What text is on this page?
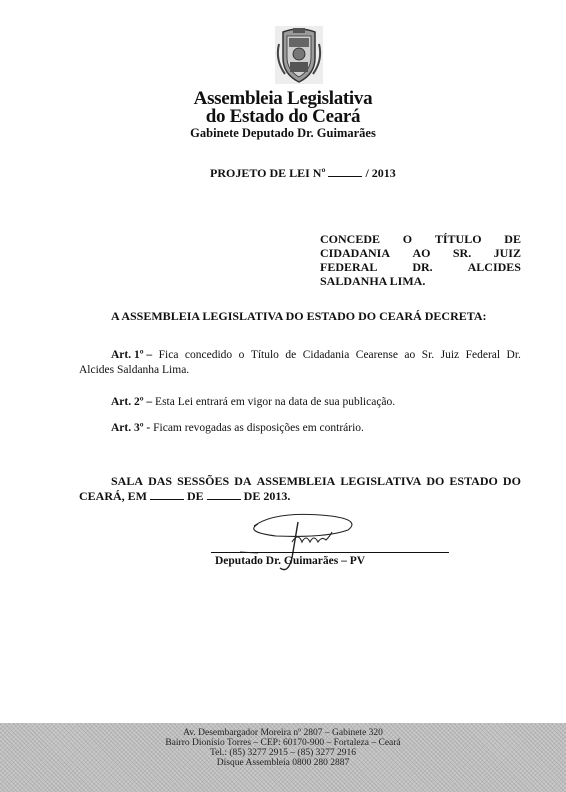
Assembleia Legislativa
do Estado do Ceará
Gabinete Deputado Dr. Guimarães
PROJETO DE LEI Nº	/ 2013
CONCEDE O TÍTULO DE
CIDADANIA AO SR. JUIZ
FEDERAL	DR.	ALCIDES
SALDANHA LIMA.
A ASSEMBLEIA LEGISLATIVA DO ESTADO DO CEARÁ DECRETA:
Art. 1º – Fica concedido o Título de Cidadania Cearense ao Sr. Juiz Federal Dr.
Alcides Saldanha Lima.
Art. 2º – Esta Lei entrará em vigor na data de sua publicação.
Art. 3º - Ficam revogadas as disposições em contrário.
SALA DAS SESSÕES DA ASSEMBLEIA LEGISLATIVA DO ESTADO DO
CEARÁ, EM	DE	DE 2013.
Deputado Dr. Guimarães – PV
Av. Desembargador Moreira nº 2807 – Gabinete 320
Bairro Dionísio Torres – CEP: 60170-900 – Fortaleza – Ceará
Tel.: (85) 3277 2915 – (85) 3277 2916
Disque Assembleia 0800 280 2887
